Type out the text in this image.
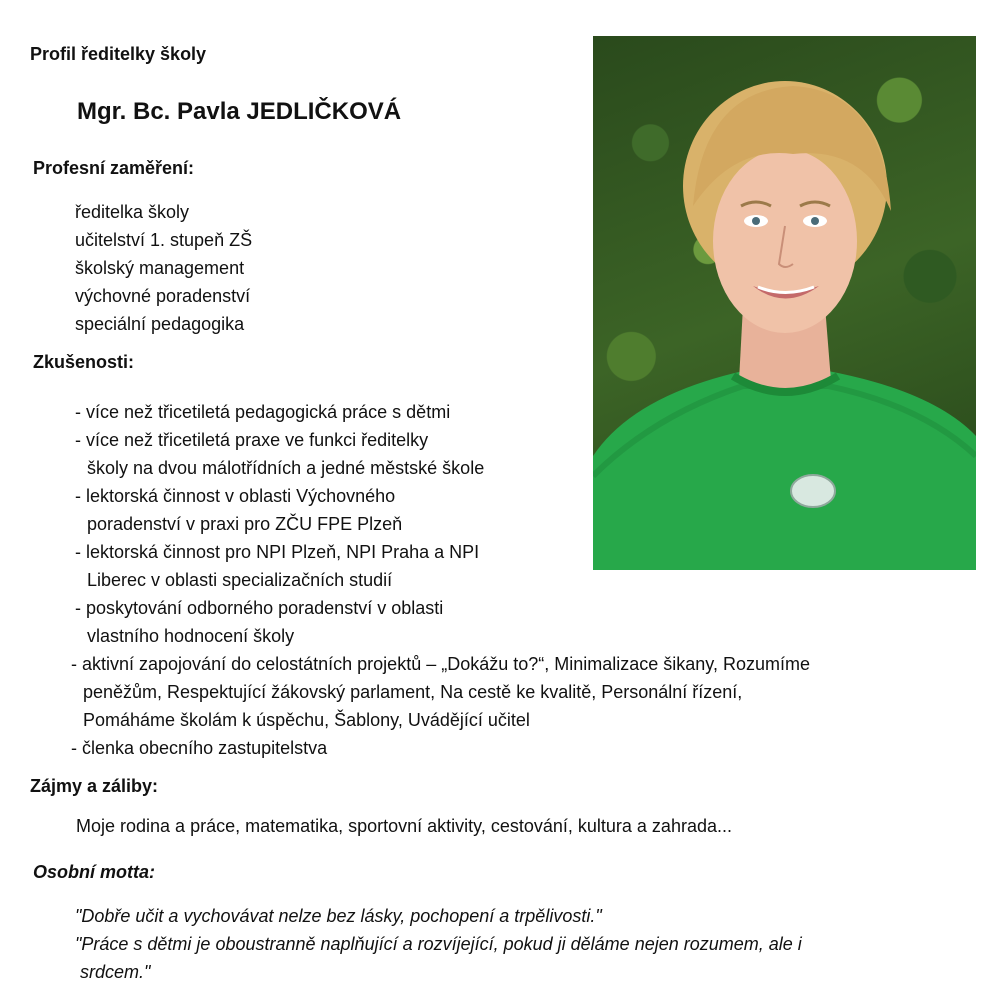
Profil ředitelky školy
Mgr. Bc. Pavla JEDLIČKOVÁ
Profesní zaměření:
ředitelka školy
učitelství 1. stupeň ZŠ
školský management
výchovné poradenství
speciální pedagogika
Zkušenosti:
- více než třicetiletá pedagogická práce s dětmi
- více než třicetiletá praxe ve funkci ředitelky
školy na dvou málotřídních a jedné městské škole
- lektorská činnost v oblasti Výchovného
poradenství v praxi pro ZČU FPE Plzeň
- lektorská činnost pro NPI Plzeň, NPI Praha a NPI
Liberec v oblasti specializačních studií
- poskytování odborného poradenství v oblasti
vlastního hodnocení školy
- aktivní zapojování do celostátních projektů – „Dokážu to?“, Minimalizace šikany, Rozumíme
peněžům, Respektující žákovský parlament, Na cestě ke kvalitě, Personální řízení,
Pomáháme školám k úspěchu, Šablony, Uvádějící učitel
- členka obecního zastupitelstva
Zájmy a záliby:
Moje rodina a práce, matematika, sportovní aktivity, cestování, kultura a zahrada...
Osobní motta:
"Dobře učit a vychovávat nelze bez lásky, pochopení a trpělivosti."
"Práce s dětmi je oboustranně naplňující a rozvíjející, pokud ji děláme nejen rozumem, ale i
srdcem."
